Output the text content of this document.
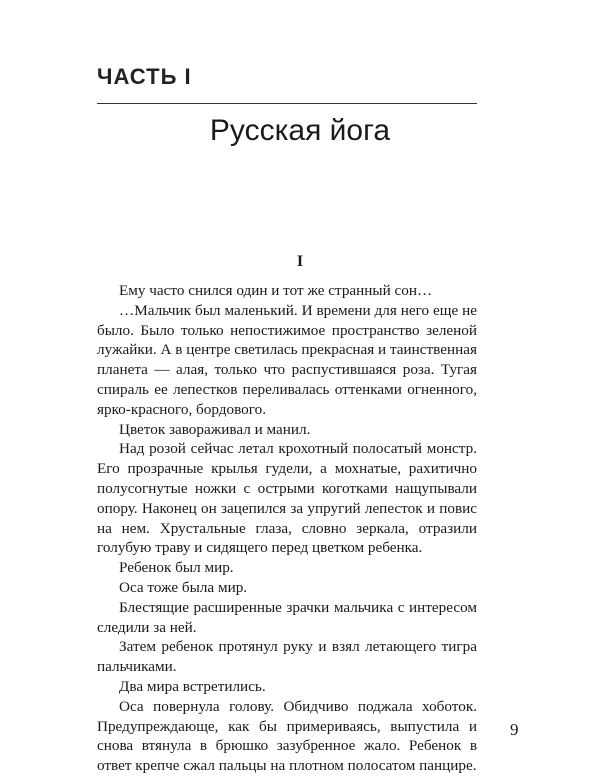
ЧАСТЬ I
Русская йога
I

Ему часто снился один и тот же странный сон…

…Мальчик был маленький. И времени для него еще не было. Было только непостижимое пространство зеленой лужайки. А в центре светилась прекрасная и таинственная планета — алая, только что распустившаяся роза. Тугая спираль ее лепестков переливалась оттенками огненного, ярко-красного, бордового.

Цветок завораживал и манил.

Над розой сейчас летал крохотный полосатый монстр. Его прозрачные крылья гудели, а мохнатые, рахитично полусогнутые ножки с острыми коготками нащупывали опору. Наконец он зацепился за упругий лепесток и повис на нем. Хрустальные глаза, словно зеркала, отразили голубую траву и сидящего перед цветком ребенка.

Ребенок был мир.

Оса тоже была мир.

Блестящие расширенные зрачки мальчика с интересом следили за ней.

Затем ребенок протянул руку и взял летающего тигра пальчиками.

Два мира встретились.

Оса повернула голову. Обидчиво поджала хоботок. Предупреждающе, как бы примериваясь, выпустила и снова втянула в брюшко зазубренное жало. Ребенок в ответ крепче сжал пальцы на плотном полосатом панцире.

9
